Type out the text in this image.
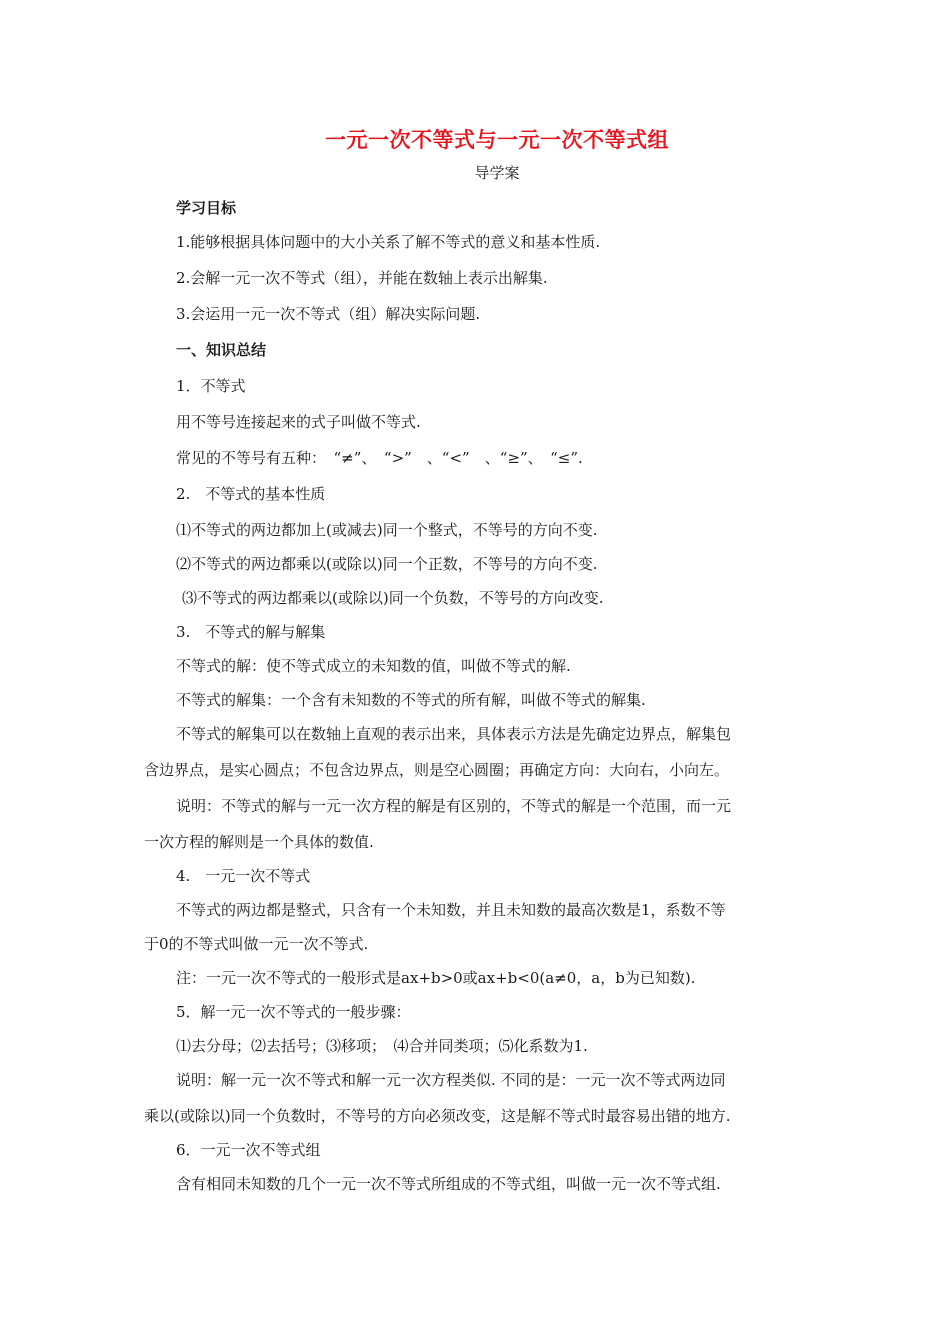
一元一次不等式与一元一次不等式组
导学案
学习目标
1.能够根据具体问题中的大小关系了解不等式的意义和基本性质.
2.会解一元一次不等式（组），并能在数轴上表示出解集.
3.会运用一元一次不等式（组）解决实际问题.
一、知识总结
1．不等式
用不等号连接起来的式子叫做不等式.
常见的不等号有五种：　“≠”、　“>”　、“<”　、“≥”、　“≤”.
2.　不等式的基本性质
⑴不等式的两边都加上(或减去)同一个整式，不等号的方向不变.
⑵不等式的两边都乘以(或除以)同一个正数，不等号的方向不变.
⑶不等式的两边都乘以(或除以)同一个负数，不等号的方向改变.
3.　不等式的解与解集
不等式的解：使不等式成立的未知数的值，叫做不等式的解.
不等式的解集：一个含有未知数的不等式的所有解，叫做不等式的解集.
不等式的解集可以在数轴上直观的表示出来，具体表示方法是先确定边界点，解集包
含边界点，是实心圆点；不包含边界点，则是空心圆圈；再确定方向：大向右，小向左。
说明：不等式的解与一元一次方程的解是有区别的，不等式的解是一个范围，而一元
一次方程的解则是一个具体的数值.
4.　一元一次不等式
不等式的两边都是整式，只含有一个未知数，并且未知数的最高次数是1，系数不等
于0的不等式叫做一元一次不等式.
注：一元一次不等式的一般形式是ax+b>0或ax+b<0(a≠0，a，b为已知数).
5．解一元一次不等式的一般步骤：
⑴去分母；⑵去括号；⑶移项；　⑷合并同类项；⑸化系数为1.
说明：解一元一次不等式和解一元一次方程类似. 不同的是：一元一次不等式两边同
乘以(或除以)同一个负数时，不等号的方向必须改变，这是解不等式时最容易出错的地方.
6．一元一次不等式组
含有相同未知数的几个一元一次不等式所组成的不等式组，叫做一元一次不等式组.
